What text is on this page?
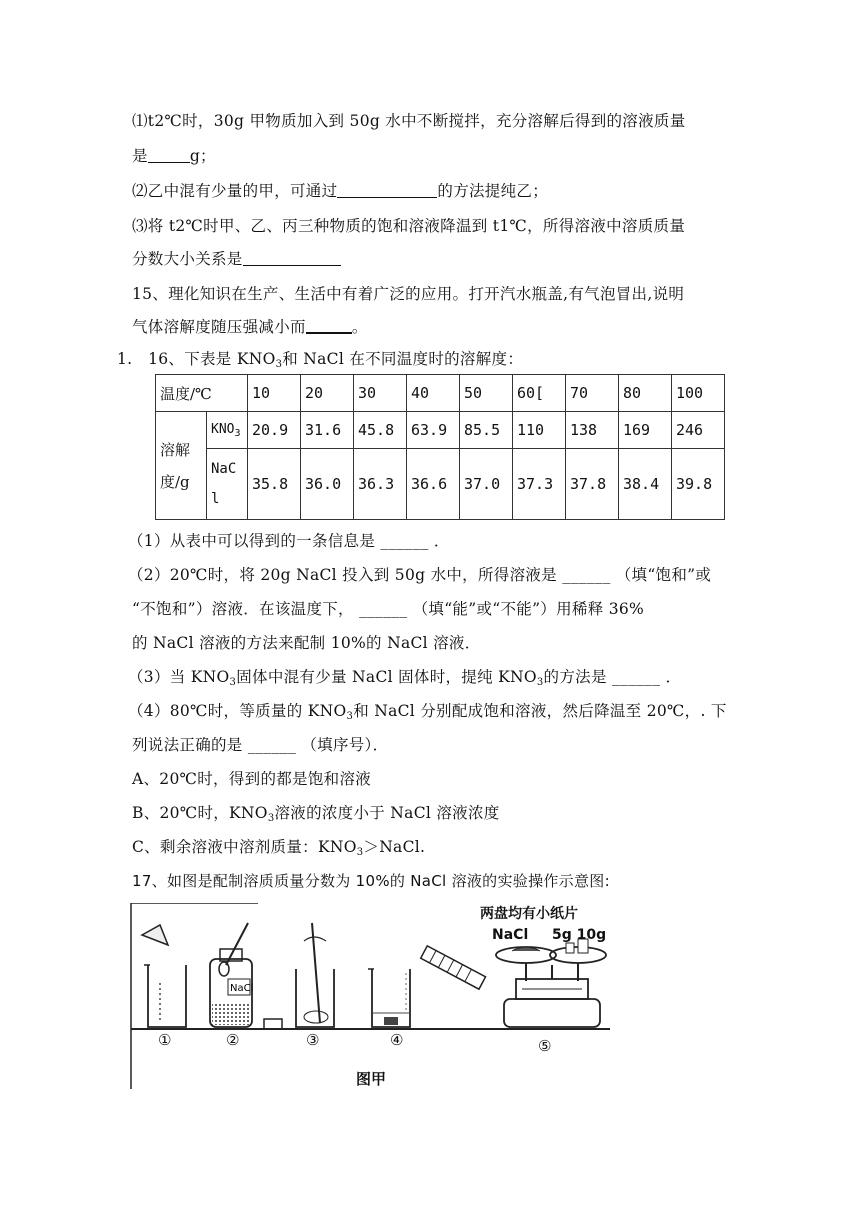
⑴t2℃时，30g 甲物质加入到 50g 水中不断搅拌，充分溶解后得到的溶液质量
是	g；
⑵乙中混有少量的甲，可通过	的方法提纯乙；
⑶将 t2℃时甲、乙、丙三种物质的饱和溶液降温到 t1℃，所得溶液中溶质质量
分数大小关系是
15、理化知识在生产、生活中有着广泛的应用。打开汽水瓶盖,有气泡冒出,说明
气体溶解度随压强减小而	。
1. 16、下表是 $KNO_3$和 NaCl 在不同温度时的溶解度：
温度/℃		10	20	30	40	50	60[	70	80	100

溶解
度/g	$KNO_3$	20.9	31.6	45.8	63.9	85.5	110	138	169	246

	NaC
l	35.8	36.0	36.3	36.6	37.0	37.3	37.8	38.4	39.8
（1）从表中可以得到的一条信息是 ______ ．
（2）20℃时，将 20g NaCl 投入到 50g 水中，所得溶液是 ______ （填“饱和”或
“不饱和”）溶液．在该温度下， ______ （填“能”或“不能”）用稀释 36%
的 NaCl 溶液的方法来配制 10%的 NaCl 溶液．
（3）当 $KNO_3$固体中混有少量 NaCl 固体时，提纯 $KNO_3$的方法是 ______ ．
（4）80℃时，等质量的 $KNO_3$和 NaCl 分别配成饱和溶液，然后降温至 20℃，. 下
列说法正确的是 ______ （填序号）．
A、20℃时，得到的都是饱和溶液
B、20℃时，$KNO_3$溶液的浓度小于 NaCl 溶液浓度
C、剩余溶液中溶剂质量：$KNO_3>NaCl$.
17、如图是配制溶质质量分数为 10%的 NaCl 溶液的实验操作示意图:
NaCl
两盘均有小纸片
NaCl 5g 10g
①	②	③	④	⑤
图甲
